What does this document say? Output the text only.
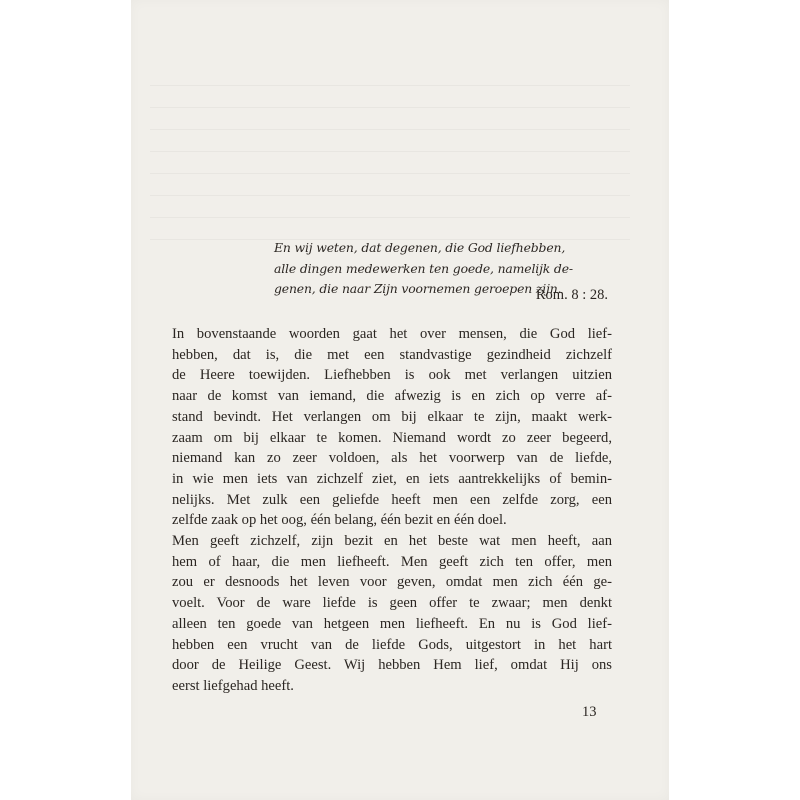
En wij weten, dat degenen, die God liefhebben,
alle dingen medewerken ten goede, namelijk de-
genen, die naar Zijn voornemen geroepen zijn.
Rom. 8 : 28.
In bovenstaande woorden gaat het over mensen, die God lief-
hebben, dat is, die met een standvastige gezindheid zichzelf
de Heere toewijden. Liefhebben is ook met verlangen uitzien
naar de komst van iemand, die afwezig is en zich op verre af-
stand bevindt. Het verlangen om bij elkaar te zijn, maakt werk-
zaam om bij elkaar te komen. Niemand wordt zo zeer begeerd,
niemand kan zo zeer voldoen, als het voorwerp van de liefde,
in wie men iets van zichzelf ziet, en iets aantrekkelijks of bemin-
nelijks. Met zulk een geliefde heeft men een zelfde zorg, een
zelfde zaak op het oog, één belang, één bezit en één doel.
Men geeft zichzelf, zijn bezit en het beste wat men heeft, aan
hem of haar, die men liefheeft. Men geeft zich ten offer, men
zou er desnoods het leven voor geven, omdat men zich één ge-
voelt. Voor de ware liefde is geen offer te zwaar; men denkt
alleen ten goede van hetgeen men liefheeft. En nu is God lief-
hebben een vrucht van de liefde Gods, uitgestort in het hart
door de Heilige Geest. Wij hebben Hem lief, omdat Hij ons
eerst liefgehad heeft.
13
